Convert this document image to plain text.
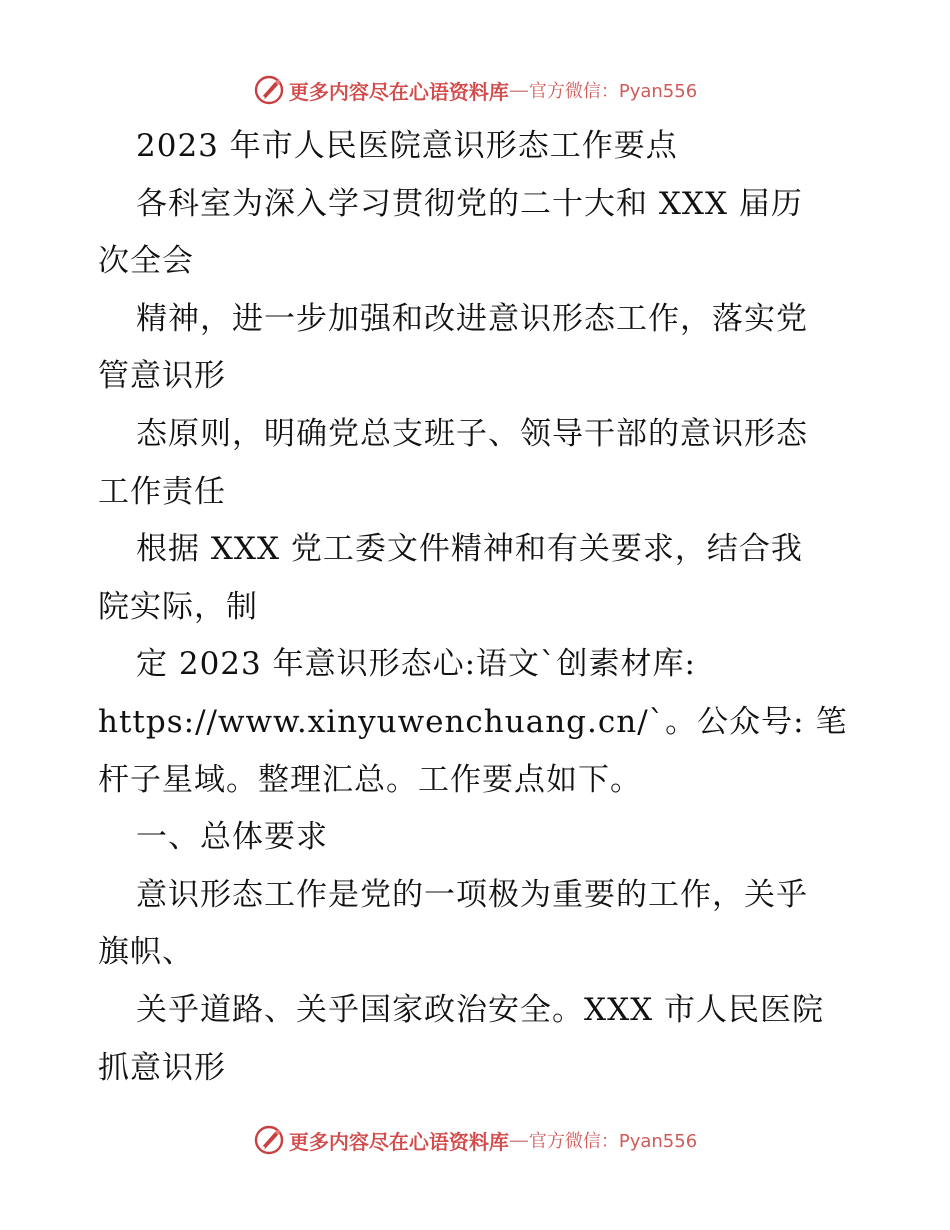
更多内容尽在心语资料库 — 官方微信：Pyan556
2023 年市人民医院意识形态工作要点
各科室为深入学习贯彻党的二十大和 XXX 届历
次全会
精神，进一步加强和改进意识形态工作，落实党
管意识形
态原则，明确党总支班子、领导干部的意识形态
工作责任
根据 XXX 党工委文件精神和有关要求，结合我
院实际，制
定 2023 年意识形态心:语文`创素材库:
https://www.xinyuwenchuang.cn/`。公众号: 笔
杆子星域。整理汇总。工作要点如下。
一、总体要求
意识形态工作是党的一项极为重要的工作，关乎
旗帜、
关乎道路、关乎国家政治安全。XXX 市人民医院
抓意识形
更多内容尽在心语资料库 — 官方微信：Pyan556
